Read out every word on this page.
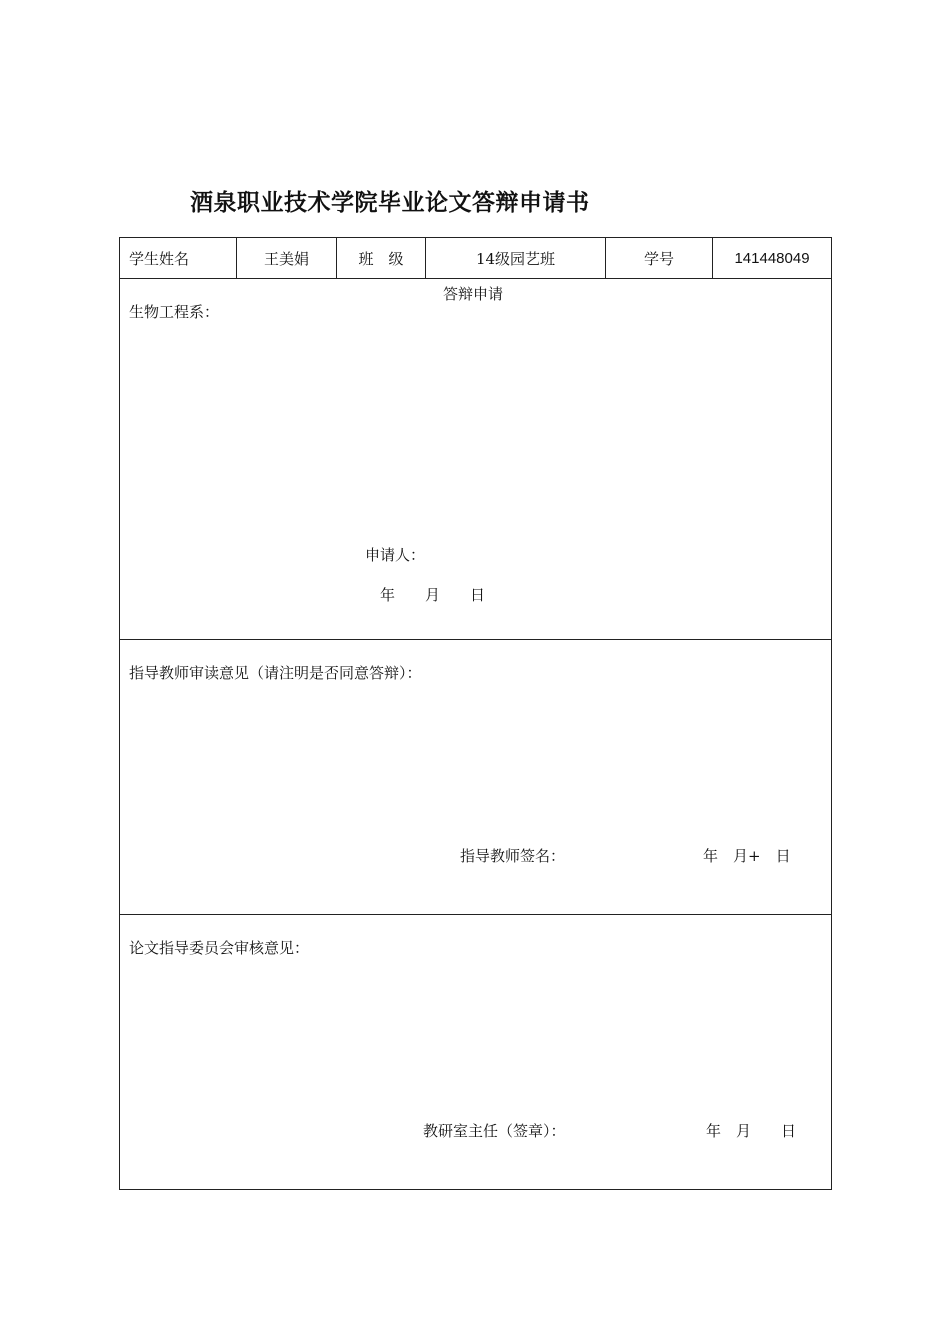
酒泉职业技术学院毕业论文答辩申请书
学生姓名	王美娟	班　级	14级园艺班	学号	141448049

答辩申请
生物工程系：
申请人：
年　　月　　日

指导教师审读意见（请注明是否同意答辩）：
指导教师签名：	年　月+　日

论文指导委员会审核意见：
教研室主任（签章）：	年　月　　日
